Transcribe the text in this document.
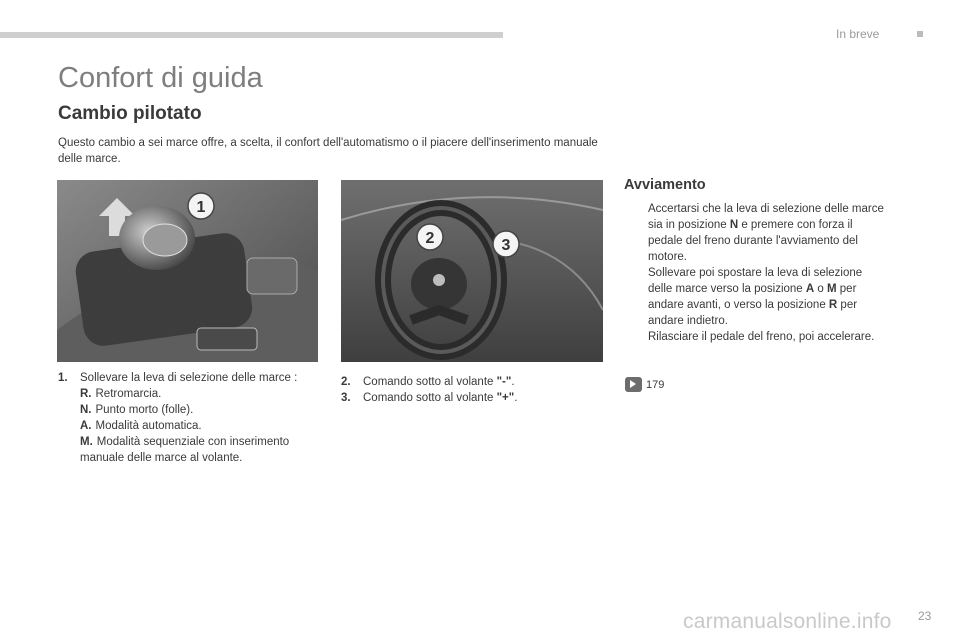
In breve
Confort di guida
Cambio pilotato

Questo cambio a sei marce offre, a scelta, il confort dell'automatismo o il piacere dell'inserimento manuale delle marce.

1
2	3
1.	Sollevare la leva di selezione delle marce :
R. Retromarcia.
N. Punto morto (folle).
A. Modalità automatica.
M. Modalità sequenziale con inserimento manuale delle marce al volante.
2.	Comando sotto al volante "-".
3.	Comando sotto al volante "+".
Avviamento
Accertarsi che la leva di selezione delle marce sia in posizione N e premere con forza il pedale del freno durante l'avviamento del motore.
Sollevare poi spostare la leva di selezione delle marce verso la posizione A o M per andare avanti, o verso la posizione R per andare indietro.
Rilasciare il pedale del freno, poi accelerare.
179
carmanualsonline.info 23
